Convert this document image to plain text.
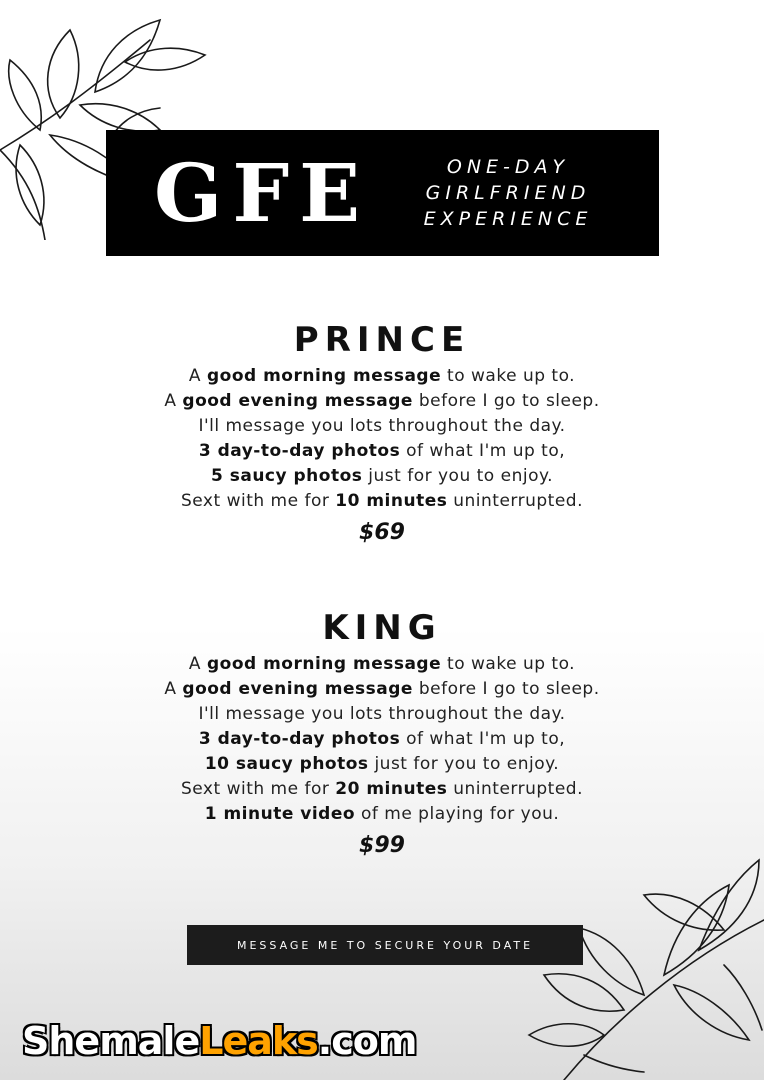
GFE	ONE-DAY
GIRLFRIEND
EXPERIENCE
PRINCE
A good morning message to wake up to.
A good evening message before I go to sleep.
I'll message you lots throughout the day.
3 day-to-day photos of what I'm up to,
5 saucy photos just for you to enjoy.
Sext with me for 10 minutes uninterrupted.
$69
KING
A good morning message to wake up to.
A good evening message before I go to sleep.
I'll message you lots throughout the day.
3 day-to-day photos of what I'm up to,
10 saucy photos just for you to enjoy.
Sext with me for 20 minutes uninterrupted.
1 minute video of me playing for you.
$99
MESSAGE ME TO SECURE YOUR DATE
ShemaleLeaks.com
